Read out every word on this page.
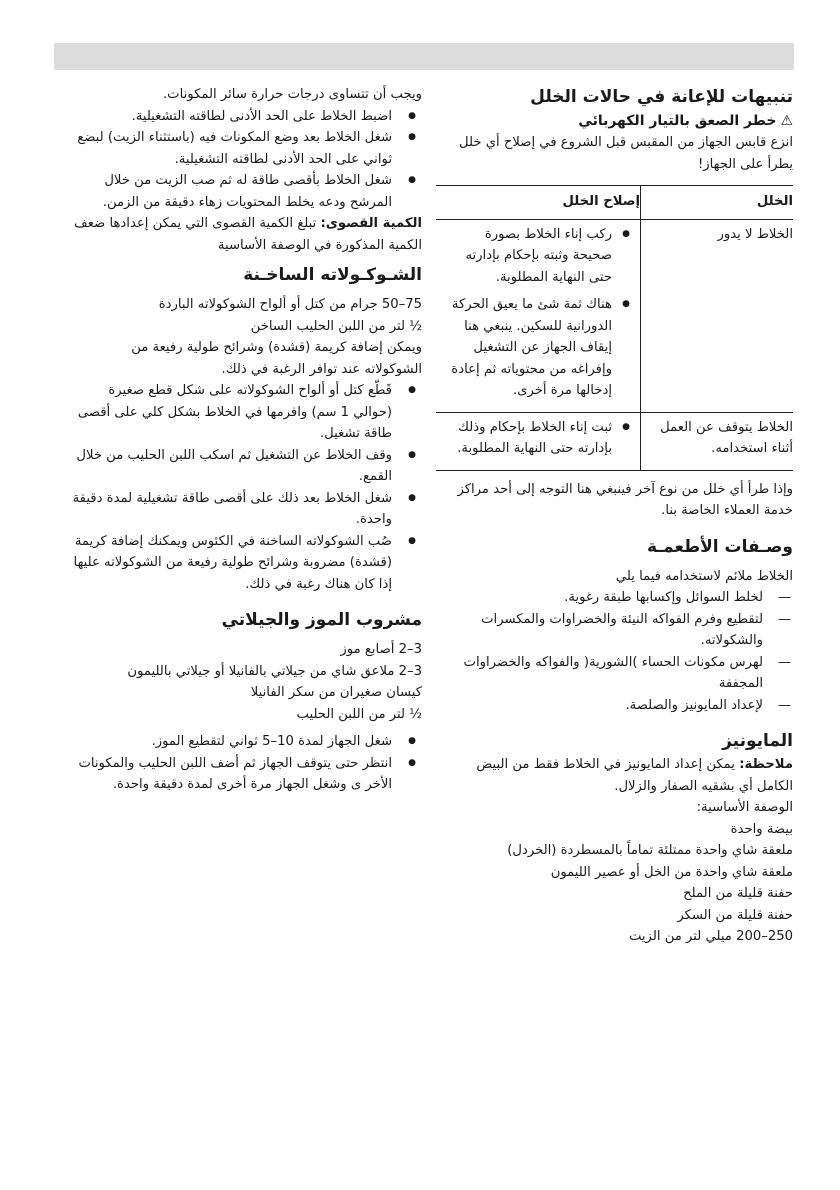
تنبيهات للإعانة في حالات الخلل
⚠خطر الصعق بالتيار الكهربائي

انزع قابس الجهاز من المقبس قبل الشروع في إصلاح أي خلل يطرأ على الجهاز!

الخلل	إصلاح الخلل
الخلاط لا يدور	
● ركب إناء الخلاط بصورة صحيحة وثبته بإحكام بإدارته حتى النهاية المطلوبة.
● هناك ثمة شئ ما يعيق الحركة الدورانية للسكين. ينبغي هنا إيقاف الجهاز عن التشغيل وإفراغه من محتوياته ثم إعادة إدخالها مرة أخرى.

الخلاط يتوقف عن العمل أثناء استخدامه.	
● ثبت إناء الخلاط بإحكام وذلك بإدارته حتى النهاية المطلوبة.

وإذا طرأ أي خلل من نوع آخر فينبغي هنا التوجه إلى أحد مراكز خدمة العملاء الخاصة بنا.

وصـفات الأطعمـة

الخلاط ملائم لاستخدامه فيما يلي

— لخلط السوائل وإكسابها طبقة رغوية.
— لتقطيع وفرم الفواكه النيئة والخضراوات والمكسرات والشكولاته.
— لهرس مكونات الحساء )الشورية( والفواكه والخضراوات المجففة
— لإعداد المايونيز والصلصة.
المايونيز

ملاحظة: يمكن إعداد المايونيز في الخلاط فقط من البيض الكامل أي بشقيه الصفار والزلال.

الوصفة الأساسية:

بيضة واحدة

ملعقة شاي واحدة ممتلئة تماماً بالمسطردة (الخردل)

ملعقة شاي واحدة من الخل أو عصير الليمون

حفنة قليلة من الملح

حفنة قليلة من السكر

250–200 ميلي لتر من الزيت

ويجب أن تتساوى درجات حرارة سائر المكونات.

● اضبط الخلاط على الحد الأدنى لطاقته التشغيلية.
● شغل الخلاط بعد وضع المكونات فيه (باستثناء الزيت) لبضع ثواني على الحد الأدنى لطاقته التشغيلية.
● شغل الخلاط بأقصى طاقة له ثم صب الزيت من خلال المرشح ودعه يخلط المحتويات زهاء دقيقة من الزمن.

الكمية القصوى: تبلغ الكمية القصوى التي يمكن إعدادها ضعف الكمية المذكورة في الوصفة الأساسية

الشـوكـولاته الساخـنة

75–50 جرام من كتل أو ألواح الشوكولاته الباردة

½ لتر من اللبن الحليب الساخن

ويمكن إضافة كريمة (قشدة) وشرائح طولية رفيعة من الشوكولاته عند توافر الرغبة في ذلك.

● قَطّع كتل أو ألواح الشوكولاته على شكل قطع صغيرة (حوالي 1 سم) وافرمها في الخلاط بشكل كلي على أقصى طاقة تشغيل.
● وقف الخلاط عن التشغيل ثم اسكب اللبن الحليب من خلال القمع.
● شغل الخلاط بعد ذلك على أقصى طاقة تشغيلية لمدة دقيقة واحدة.
● صُب الشوكولاته الساخنة في الكئوس ويمكنك إضافة كريمة (قشدة) مضروبة وشرائح طولية رفيعة من الشوكولاته عليها إذا كان هناك رغبة في ذلك.
مشروب الموز والجيلاتي

3–2 أصابع موز

3–2 ملاعق شاي من جيلاتي بالفانيلا أو جيلاتي بالليمون

كيسان صغيران من سكر الفانيلا

½ لتر من اللبن الحليب

● شغل الجهاز لمدة 10–5 ثواني لتقطيع الموز.
● انتظر حتى يتوقف الجهاز ثم أضف اللبن الحليب والمكونات الأخر ى وشغل الجهاز مرة أخرى لمدة دقيقة واحدة.
